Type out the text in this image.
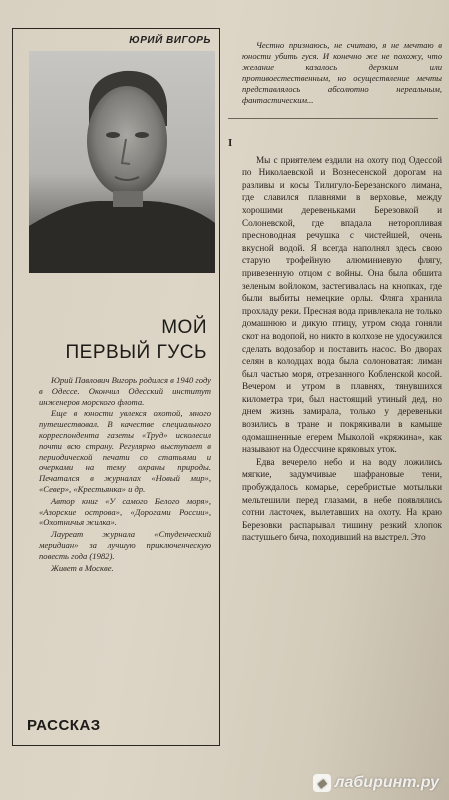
ЮРИЙ ВИГОРЬ
МОЙ
ПЕРВЫЙ ГУСЬ

Юрий Павлович Вигорь родился в 1940 году в Одессе. Окончил Одесский институт инженеров морского флота.

Еще в юности увлекся охотой, много путешествовал. В качестве специального корреспондента газеты «Труд» исколесил почти всю страну. Регулярно выступает в периодической печати со статьями и очерками на тему охраны природы. Печатался в журналах «Новый мир», «Север», «Крестьянка» и др.

Автор книг «У самого Белого моря», «Азорские острова», «Дорогами России», «Охотничья жилка».

Лауреат журнала «Студенческий меридиан» за лучшую приключенческую повесть года (1982).

Живет в Москве.

РАССКАЗ

Честно признаюсь, не считаю, я не мечтаю в юности убить гуся. И конечно же не похожу, что желание казалось дерзким или противоестественным, но осуществление мечты представлялось абсолютно нереальным, фантастическим...

I

Мы с приятелем ездили на охоту под Одессой по Николаевской и Вознесенской дорогам на разливы и косы Тилигуло-Березанского лимана, где славился плавнями в верховье, между хорошими деревеньками Березовкой и Солоневской, где впадала неторопливая пресноводная речушка с чистейшей, очень вкусной водой. Я всегда наполнял здесь свою старую трофейную алюминиевую флягу, привезенную отцом с войны. Она была обшита зеленым войлоком, застегивалась на кнопках, где были выбиты немецкие орлы. Фляга хранила прохладу реки. Пресная вода привлекала не только домашнюю и дикую птицу, утром сюда гоняли скот на водопой, но никто в колхозе не удосужился сделать водозабор и поставить насос. Во дворах селян в колодцах вода была солоноватая: лиман был частью моря, отрезанного Кобленской косой. Вечером и утром в плавнях, тянувшихся километра три, был настоящий утиный дед, но днем жизнь замирала, только у деревеньки возились в тране и покрякивали в камыше одомашненные егерем Мыколой «кряжина», как называют на Одессчине кряковых уток.

Едва вечерело небо и на воду ложились мягкие, задумчивые шафрановые тени, пробуждалось комарье, серебристые мотыльки мельтешили перед глазами, в небе появлялись сотни ласточек, вылетавших на охоту. На краю Березовки распарывал тишину резкий хлопок пастушьего бича, походивший на выстрел. Это

◆ лабиринт.ру
